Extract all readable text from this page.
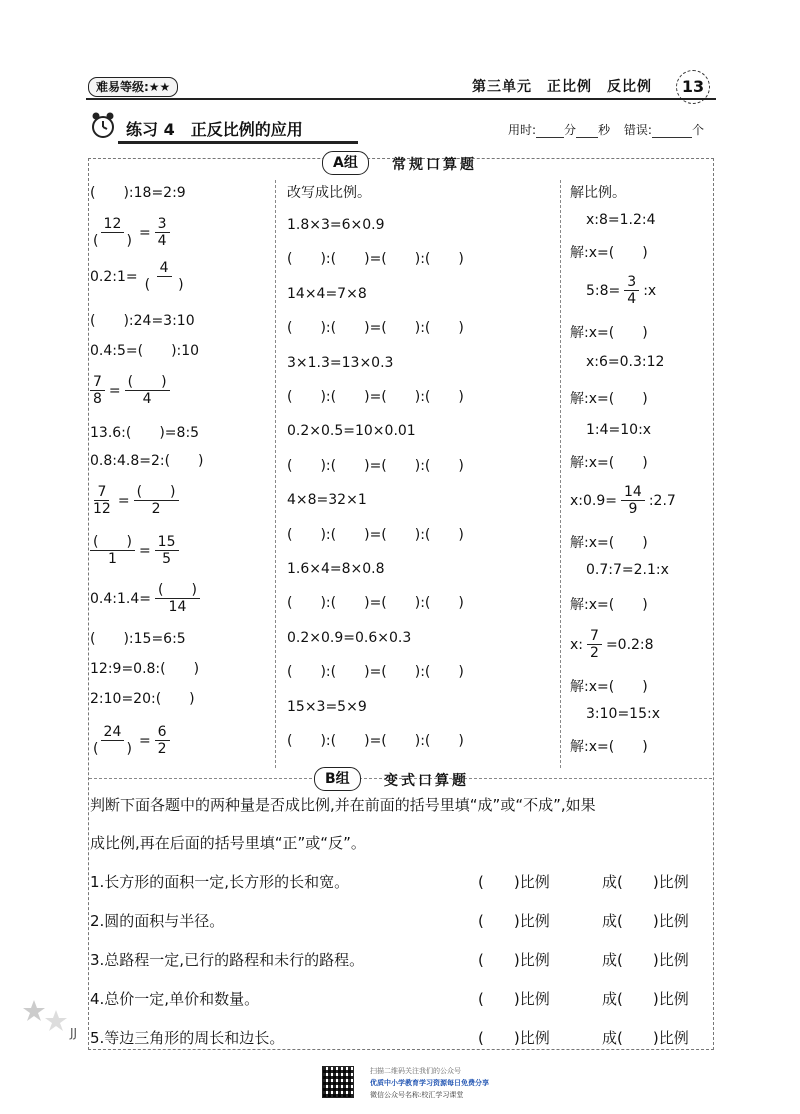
难易等级:★★	第三单元　正比例　反比例	13
练习 4　正反比例的应用	用时: 分 秒 错误:	个
A组	常规口算题
(　　):18=2:9
$\frac{12}{( )} = \frac{3}{4}$
0.2:1= $\frac{4}{( )}$
(　　):24=3:10
0.4:5=(　　):10
$\frac{7}{8} = \frac{( )}{4}$
13.6:(　　)=8:5
0.8:4.8=2:(　　)
$\frac{7}{12} = \frac{( )}{2}$
$\frac{( )}{1} = \frac{15}{5}$
0.4:1.4= $\frac{( )}{14}$
(　　):15=6:5
12:9=0.8:(　　)
2:10=20:(　　)
$\frac{24}{( )} = \frac{6}{2}$
改写成比例。
1.8×3=6×0.9
(　　):(　　)=(　　):(　　)
14×4=7×8
(　　):(　　)=(　　):(　　)
3×1.3=13×0.3
(　　):(　　)=(　　):(　　)
0.2×0.5=10×0.01
(　　):(　　)=(　　):(　　)
4×8=32×1
(　　):(　　)=(　　):(　　)
1.6×4=8×0.8
(　　):(　　)=(　　):(　　)
0.2×0.9=0.6×0.3
(　　):(　　)=(　　):(　　)
15×3=5×9
(　　):(　　)=(　　):(　　)
解比例。
x:8=1.2:4
解:x=(　　)
5:8= $\frac{3}{4}$ :x
解:x=(　　)
x:6=0.3:12
解:x=(　　)
1:4=10:x
解:x=(　　)
x:0.9= $\frac{14}{9}$ :2.7
解:x=(　　)
0.7:7=2.1:x
解:x=(　　)
x: $\frac{7}{2}$ =0.2:8
解:x=(　　)
3:10=15:x
解:x=(　　)
B组	变式口算题
判断下面各题中的两种量是否成比例,并在前面的括号里填“成”或“不成”,如果
成比例,再在后面的括号里填“正”或“反”。
1.长方形的面积一定,长方形的长和宽。	(　　)比例	成(　　)比例
2.圆的面积与半径。	(　　)比例	成(　　)比例
3.总路程一定,已行的路程和未行的路程。	(　　)比例	成(　　)比例
4.总价一定,单价和数量。	(　　)比例	成(　　)比例
5.等边三角形的周长和边长。	(　　)比例	成(　　)比例
JJ
扫描二维码关注我们的公众号
优质中小学教育学习资源每日免费分享
微信公众号名称:校汇学习课堂
